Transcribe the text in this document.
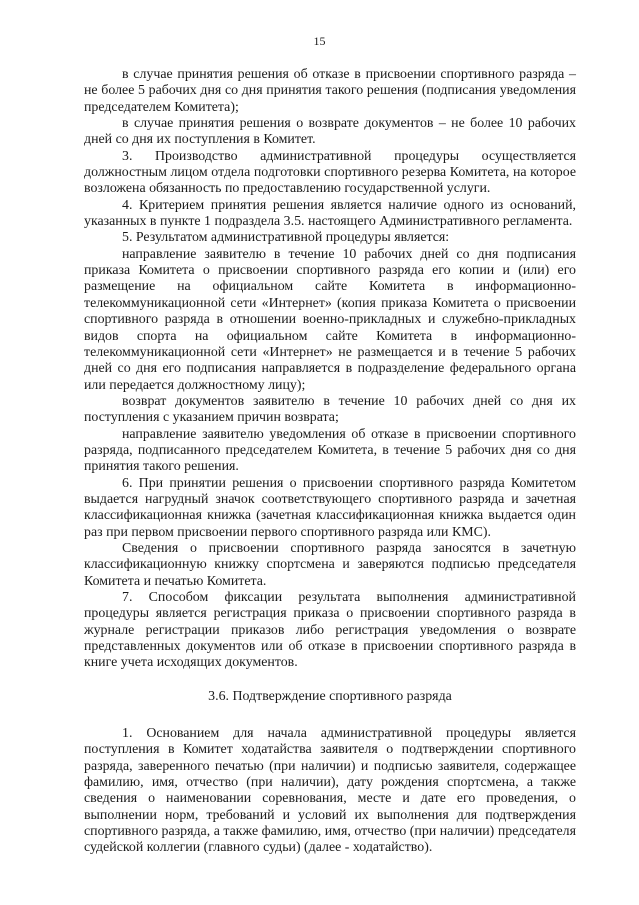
15

в случае принятия решения об отказе в присвоении спортивного разряда – не более 5 рабочих дня со дня принятия такого решения (подписания уведомления председателем Комитета);

в случае принятия решения о возврате документов – не более 10 рабочих дней со дня их поступления в Комитет.

3. Производство административной процедуры осуществляется должностным лицом отдела подготовки спортивного резерва Комитета, на которое возложена обязанность по предоставлению государственной услуги.

4. Критерием принятия решения является наличие одного из оснований, указанных в пункте 1 подраздела 3.5. настоящего Административного регламента.

5. Результатом административной процедуры является:

направление заявителю в течение 10 рабочих дней со дня подписания приказа Комитета о присвоении спортивного разряда его копии и (или) его размещение на официальном сайте Комитета в информационно-телекоммуникационной сети «Интернет» (копия приказа Комитета о присвоении спортивного разряда в отношении военно-прикладных и служебно-прикладных видов спорта на официальном сайте Комитета в информационно-телекоммуникационной сети «Интернет» не размещается и в течение 5 рабочих дней со дня его подписания направляется в подразделение федерального органа или передается должностному лицу);

возврат документов заявителю в течение 10 рабочих дней со дня их поступления с указанием причин возврата;

направление заявителю уведомления об отказе в присвоении спортивного разряда, подписанного председателем Комитета, в течение 5 рабочих дня со дня принятия такого решения.

6. При принятии решения о присвоении спортивного разряда Комитетом выдается нагрудный значок соответствующего спортивного разряда и зачетная классификационная книжка (зачетная классификационная книжка выдается один раз при первом присвоении первого спортивного разряда или КМС).

Сведения о присвоении спортивного разряда заносятся в зачетную классификационную книжку спортсмена и заверяются подписью председателя Комитета и печатью Комитета.

7. Способом фиксации результата выполнения административной процедуры является регистрация приказа о присвоении спортивного разряда в журнале регистрации приказов либо регистрация уведомления о возврате представленных документов или об отказе в присвоении спортивного разряда в книге учета исходящих документов.

3.6. Подтверждение спортивного разряда

1. Основанием для начала административной процедуры является поступления в Комитет ходатайства заявителя о подтверждении спортивного разряда, заверенного печатью (при наличии) и подписью заявителя, содержащее фамилию, имя, отчество (при наличии), дату рождения спортсмена, а также сведения о наименовании соревнования, месте и дате его проведения, о выполнении норм, требований и условий их выполнения для подтверждения спортивного разряда, а также фамилию, имя, отчество (при наличии) председателя судейской коллегии (главного судьи) (далее - ходатайство).
